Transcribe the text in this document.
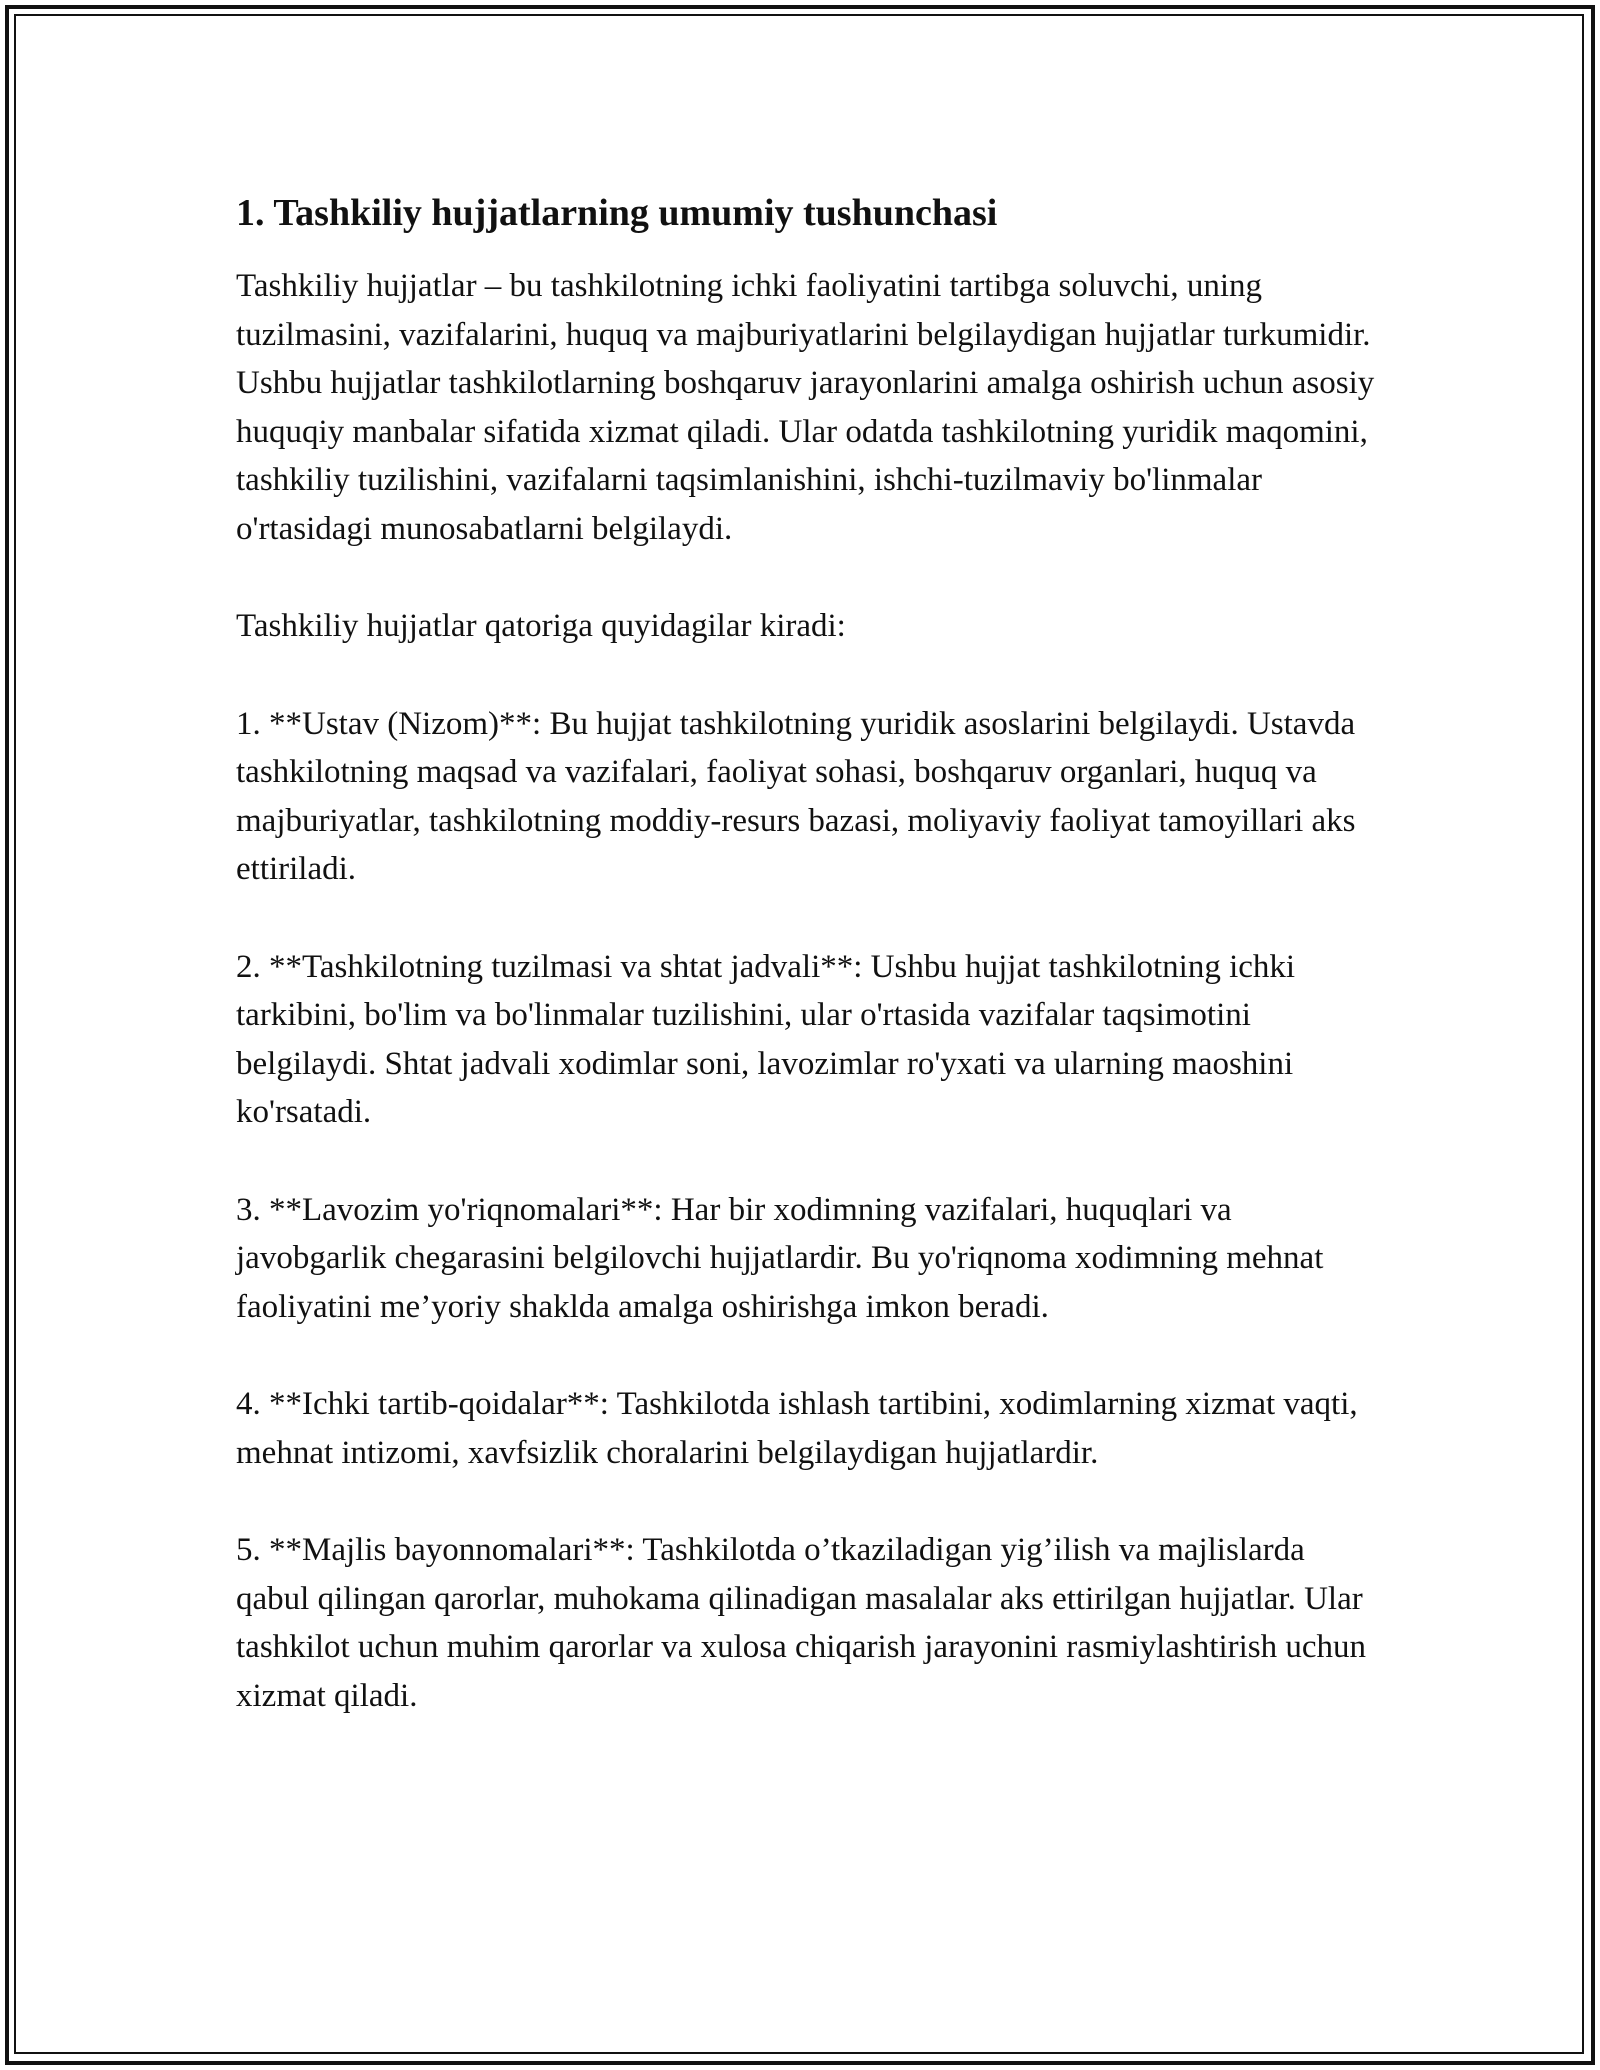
1. Tashkiliy hujjatlarning umumiy tushunchasi

Tashkiliy hujjatlar – bu tashkilotning ichki faoliyatini tartibga soluvchi, uning tuzilmasini, vazifalarini, huquq va majburiyatlarini belgilaydigan hujjatlar turkumidir. Ushbu hujjatlar tashkilotlarning boshqaruv jarayonlarini amalga oshirish uchun asosiy huquqiy manbalar sifatida xizmat qiladi. Ular odatda tashkilotning yuridik maqomini, tashkiliy tuzilishini, vazifalarni taqsimlanishini, ishchi-tuzilmaviy bo'linmalar o'rtasidagi munosabatlarni belgilaydi.

Tashkiliy hujjatlar qatoriga quyidagilar kiradi:

1. **Ustav (Nizom)**: Bu hujjat tashkilotning yuridik asoslarini belgilaydi. Ustavda tashkilotning maqsad va vazifalari, faoliyat sohasi, boshqaruv organlari, huquq va majburiyatlar, tashkilotning moddiy-resurs bazasi, moliyaviy faoliyat tamoyillari aks ettiriladi.

2. **Tashkilotning tuzilmasi va shtat jadvali**: Ushbu hujjat tashkilotning ichki tarkibini, bo'lim va bo'linmalar tuzilishini, ular o'rtasida vazifalar taqsimotini belgilaydi. Shtat jadvali xodimlar soni, lavozimlar ro'yxati va ularning maoshini ko'rsatadi.

3. **Lavozim yo'riqnomalari**: Har bir xodimning vazifalari, huquqlari va javobgarlik chegarasini belgilovchi hujjatlardir. Bu yo'riqnoma xodimning mehnat faoliyatini me’yoriy shaklda amalga oshirishga imkon beradi.

4. **Ichki tartib-qoidalar**: Tashkilotda ishlash tartibini, xodimlarning xizmat vaqti, mehnat intizomi, xavfsizlik choralarini belgilaydigan hujjatlardir.

5. **Majlis bayonnomalari**: Tashkilotda o’tkaziladigan yig’ilish va majlislarda qabul qilingan qarorlar, muhokama qilinadigan masalalar aks ettirilgan hujjatlar. Ular tashkilot uchun muhim qarorlar va xulosa chiqarish jarayonini rasmiylashtirish uchun xizmat qiladi.
